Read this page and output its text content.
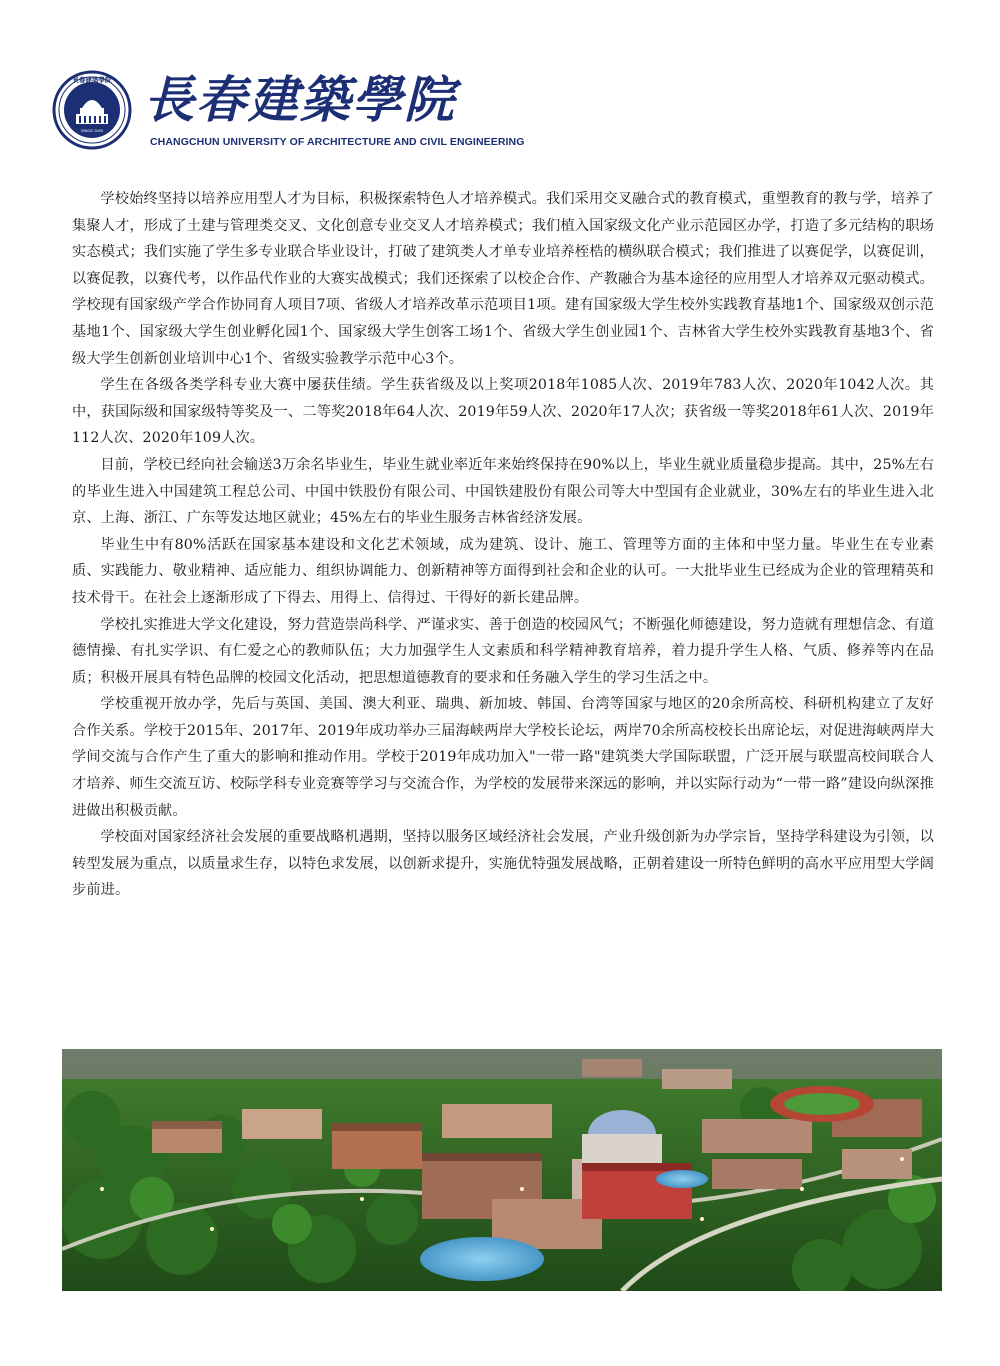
SINCE 2000
長春建築學院 長春建築學院
CHANGCHUN UNIVERSITY OF ARCHITECTURE AND CIVIL ENGINEERING

学校始终坚持以培养应用型人才为目标，积极探索特色人才培养模式。我们采用交叉融合式的教育模式，重塑教育的教与学，培养了集聚人才，形成了土建与管理类交叉、文化创意专业交叉人才培养模式；我们植入国家级文化产业示范园区办学，打造了多元结构的职场实态模式；我们实施了学生多专业联合毕业设计，打破了建筑类人才单专业培养桎梏的横纵联合模式；我们推进了以赛促学，以赛促训，以赛促教，以赛代考，以作品代作业的大赛实战模式；我们还探索了以校企合作、产教融合为基本途径的应用型人才培养双元驱动模式。学校现有国家级产学合作协同育人项目7项、省级人才培养改革示范项目1项。建有国家级大学生校外实践教育基地1个、国家级双创示范基地1个、国家级大学生创业孵化园1个、国家级大学生创客工场1个、省级大学生创业园1个、吉林省大学生校外实践教育基地3个、省级大学生创新创业培训中心1个、省级实验教学示范中心3个。

学生在各级各类学科专业大赛中屡获佳绩。学生获省级及以上奖项2018年1085人次、2019年783人次、2020年1042人次。其中，获国际级和国家级特等奖及一、二等奖2018年64人次、2019年59人次、2020年17人次；获省级一等奖2018年61人次、2019年112人次、2020年109人次。

目前，学校已经向社会输送3万余名毕业生，毕业生就业率近年来始终保持在90%以上，毕业生就业质量稳步提高。其中，25%左右的毕业生进入中国建筑工程总公司、中国中铁股份有限公司、中国铁建股份有限公司等大中型国有企业就业，30%左右的毕业生进入北京、上海、浙江、广东等发达地区就业；45%左右的毕业生服务吉林省经济发展。

毕业生中有80%活跃在国家基本建设和文化艺术领域，成为建筑、设计、施工、管理等方面的主体和中坚力量。毕业生在专业素质、实践能力、敬业精神、适应能力、组织协调能力、创新精神等方面得到社会和企业的认可。一大批毕业生已经成为企业的管理精英和技术骨干。在社会上逐渐形成了下得去、用得上、信得过、干得好的新长建品牌。

学校扎实推进大学文化建设，努力营造崇尚科学、严谨求实、善于创造的校园风气；不断强化师德建设，努力造就有理想信念、有道德情操、有扎实学识、有仁爱之心的教师队伍；大力加强学生人文素质和科学精神教育培养，着力提升学生人格、气质、修养等内在品质；积极开展具有特色品牌的校园文化活动，把思想道德教育的要求和任务融入学生的学习生活之中。

学校重视开放办学，先后与英国、美国、澳大利亚、瑞典、新加坡、韩国、台湾等国家与地区的20余所高校、科研机构建立了友好合作关系。学校于2015年、2017年、2019年成功举办三届海峡两岸大学校长论坛，两岸70余所高校校长出席论坛，对促进海峡两岸大学间交流与合作产生了重大的影响和推动作用。学校于2019年成功加入"一带一路"建筑类大学国际联盟，广泛开展与联盟高校间联合人才培养、师生交流互访、校际学科专业竞赛等学习与交流合作，为学校的发展带来深远的影响，并以实际行动为“一带一路”建设向纵深推进做出积极贡献。

学校面对国家经济社会发展的重要战略机遇期，坚持以服务区域经济社会发展，产业升级创新为办学宗旨，坚持学科建设为引领，以转型发展为重点，以质量求生存，以特色求发展，以创新求提升，实施优特强发展战略，正朝着建设一所特色鲜明的高水平应用型大学阔步前进。
